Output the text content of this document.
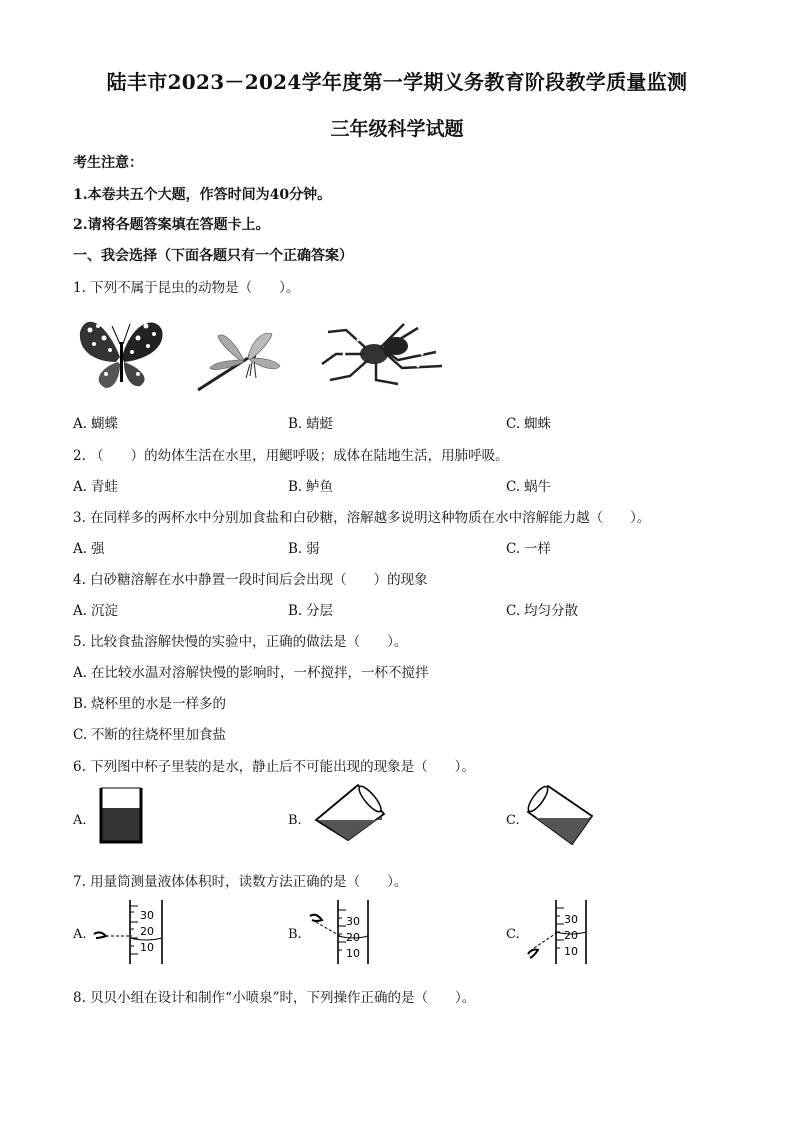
陆丰市2023－2024学年度第一学期义务教育阶段教学质量监测
三年级科学试题
考生注意：
1.本卷共五个大题，作答时间为40分钟。
2.请将各题答案填在答题卡上。
一、我会选择（下面各题只有一个正确答案）
1. 下列不属于昆虫的动物是（　　）。
A. 蝴蝶	B. 蜻蜓	C. 蜘蛛
2. （　　）的幼体生活在水里，用鳃呼吸；成体在陆地生活，用肺呼吸。
A. 青蛙	B. 鲈鱼	C. 蜗牛
3. 在同样多的两杯水中分别加食盐和白砂糖，溶解越多说明这种物质在水中溶解能力越（　　）。
A. 强	B. 弱	C. 一样
4. 白砂糖溶解在水中静置一段时间后会出现（　　）的现象
A. 沉淀	B. 分层	C. 均匀分散
5. 比较食盐溶解快慢的实验中，正确的做法是（　　）。
A. 在比较水温对溶解快慢的影响时，一杯搅拌，一杯不搅拌
B. 烧杯里的水是一样多的
C. 不断的往烧杯里加食盐
6. 下列图中杯子里装的是水，静止后不可能出现的现象是（　　）。
A.	B.	C.
7. 用量筒测量液体体积时，读数方法正确的是（　　）。
A.
30
20
10
B.
30
20
10
C.
30
20
10
8. 贝贝小组在设计和制作“小喷泉”时，下列操作正确的是（　　）。
